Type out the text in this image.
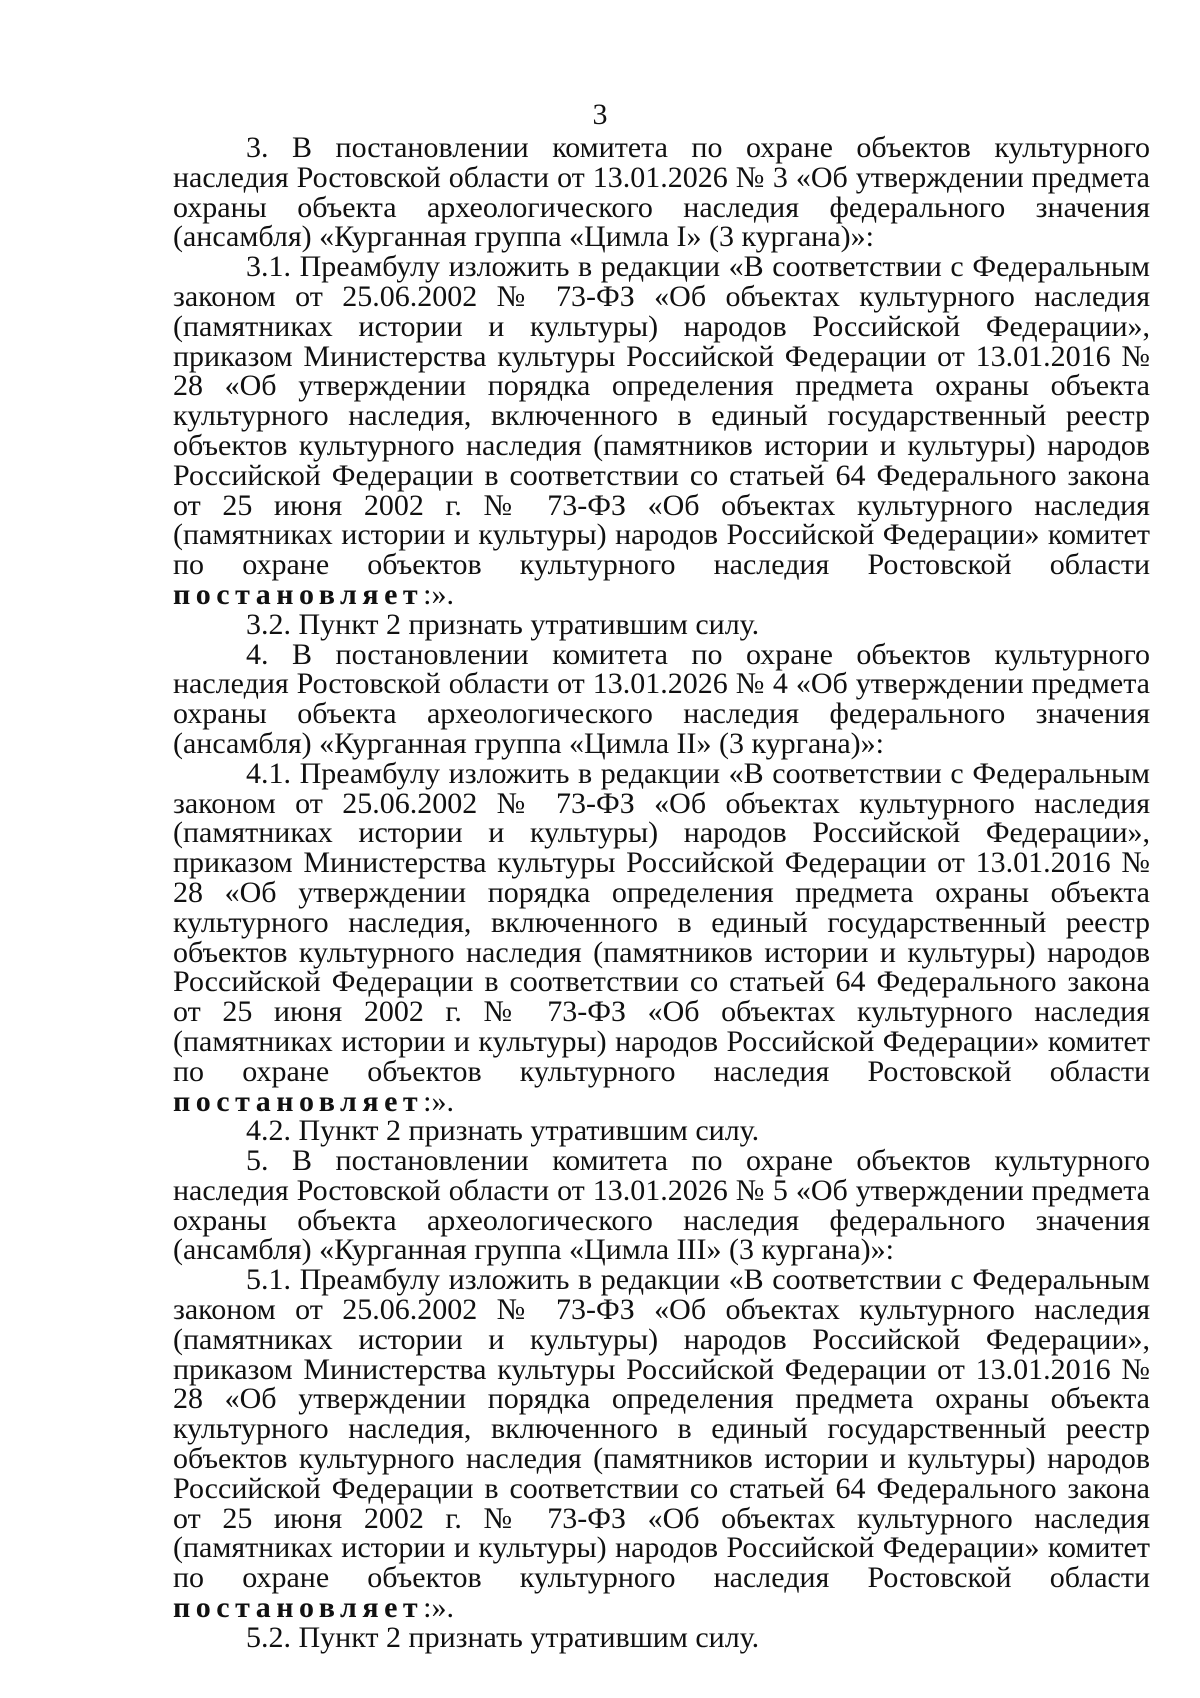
3

3. В постановлении комитета по охране объектов культурного наследия Ростовской области от 13.01.2026 № 3 «Об утверждении предмета охраны объекта археологического наследия федерального значения (ансамбля) «Курганная группа «Цимла I» (3 кургана)»:

3.1. Преамбулу изложить в редакции «В соответствии с Федеральным законом от 25.06.2002 № 73-ФЗ «Об объектах культурного наследия (памятниках истории и культуры) народов Российской Федерации», приказом Министерства культуры Российской Федерации от 13.01.2016 № 28 «Об утверждении порядка определения предмета охраны объекта культурного наследия, включенного в единый государственный реестр объектов культурного наследия (памятников истории и культуры) народов Российской Федерации в соответствии со статьей 64 Федерального закона от 25 июня 2002 г. № 73-ФЗ «Об объектах культурного наследия (памятниках истории и культуры) народов Российской Федерации» комитет по охране объектов культурного наследия Ростовской области постановляет:».

3.2. Пункт 2 признать утратившим силу.

4. В постановлении комитета по охране объектов культурного наследия Ростовской области от 13.01.2026 № 4 «Об утверждении предмета охраны объекта археологического наследия федерального значения (ансамбля) «Курганная группа «Цимла II» (3 кургана)»:

4.1. Преамбулу изложить в редакции «В соответствии с Федеральным законом от 25.06.2002 № 73-ФЗ «Об объектах культурного наследия (памятниках истории и культуры) народов Российской Федерации», приказом Министерства культуры Российской Федерации от 13.01.2016 № 28 «Об утверждении порядка определения предмета охраны объекта культурного наследия, включенного в единый государственный реестр объектов культурного наследия (памятников истории и культуры) народов Российской Федерации в соответствии со статьей 64 Федерального закона от 25 июня 2002 г. № 73-ФЗ «Об объектах культурного наследия (памятниках истории и культуры) народов Российской Федерации» комитет по охране объектов культурного наследия Ростовской области постановляет:».

4.2. Пункт 2 признать утратившим силу.

5. В постановлении комитета по охране объектов культурного наследия Ростовской области от 13.01.2026 № 5 «Об утверждении предмета охраны объекта археологического наследия федерального значения (ансамбля) «Курганная группа «Цимла III» (3 кургана)»:

5.1. Преамбулу изложить в редакции «В соответствии с Федеральным законом от 25.06.2002 № 73-ФЗ «Об объектах культурного наследия (памятниках истории и культуры) народов Российской Федерации», приказом Министерства культуры Российской Федерации от 13.01.2016 № 28 «Об утверждении порядка определения предмета охраны объекта культурного наследия, включенного в единый государственный реестр объектов культурного наследия (памятников истории и культуры) народов Российской Федерации в соответствии со статьей 64 Федерального закона от 25 июня 2002 г. № 73-ФЗ «Об объектах культурного наследия (памятниках истории и культуры) народов Российской Федерации» комитет по охране объектов культурного наследия Ростовской области постановляет:».

5.2. Пункт 2 признать утратившим силу.
